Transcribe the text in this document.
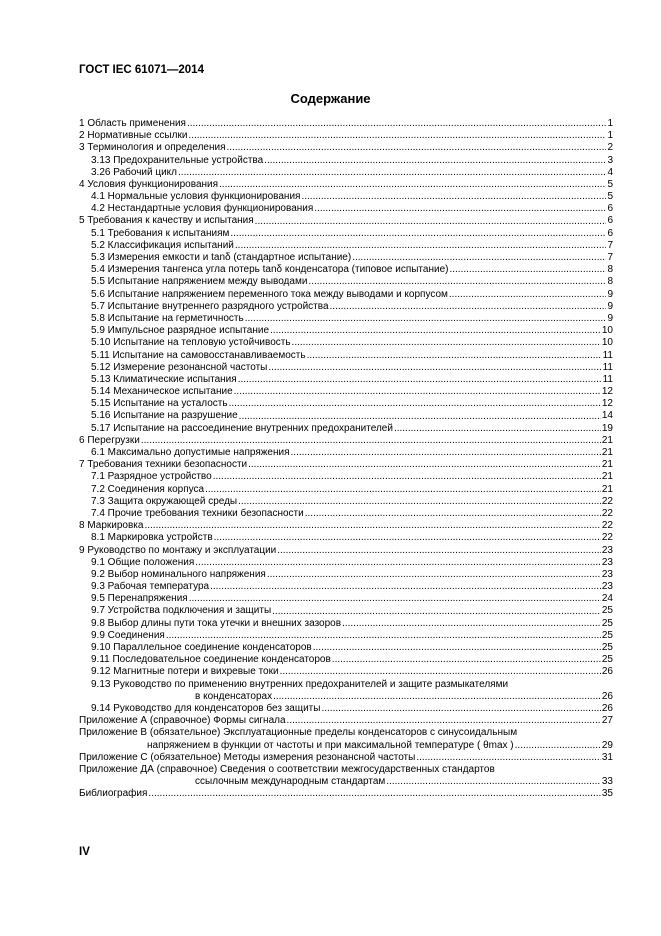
ГОСТ IEC 61071—2014
Содержание
1 Область применения .....	1
2 Нормативные ссылки .....	1
3 Терминология и определения .....	2
3.13 Предохранительные устройства .....	3
3.26 Рабочий цикл .....	4
4 Условия функционирования .....	5
4.1 Нормальные условия функционирования .....	5
4.2 Нестандартные условия функционирования .....	6
5 Требования к качеству и испытания .....	6
5.1 Требования к испытаниям .....	6
5.2 Классификация испытаний .....	7
5.3 Измерения емкости и tanδ (стандартное испытание) .....	7
5.4 Измерения тангенса угла потерь tanδ конденсатора (типовое испытание) .....	8
5.5 Испытание напряжением между выводами .....	8
5.6 Испытание напряжением переменного тока между выводами и корпусом .....	9
5.7 Испытание внутреннего разрядного устройства .....	9
5.8 Испытание на герметичность .....	9
5.9 Импульсное разрядное испытание .....	10
5.10 Испытание на тепловую устойчивость .....	10
5.11 Испытание на самовосстанавливаемость .....	11
5.12 Измерение резонансной частоты .....	11
5.13 Климатические испытания .....	11
5.14 Механическое испытание .....	12
5.15 Испытание на усталость .....	12
5.16 Испытание на разрушение .....	14
5.17 Испытание на рассоединение внутренних предохранителей .....	19
6 Перегрузки .....	21
6.1 Максимально допустимые напряжения .....	21
7 Требования техники безопасности .....	21
7.1 Разрядное устройство .....	21
7.2 Соединения корпуса .....	21
7.3 Защита окружающей среды .....	22
7.4 Прочие требования техники безопасности .....	22
8 Маркировка .....	22
8.1 Маркировка устройств .....	22
9 Руководство по монтажу и эксплуатации .....	23
9.1 Общие положения .....	23
9.2 Выбор номинального напряжения .....	23
9.3 Рабочая температура .....	23
9.5 Перенапряжения .....	24
9.7 Устройства подключения и защиты .....	25
9.8 Выбор длины пути тока утечки и внешних зазоров .....	25
9.9 Соединения .....	25
9.10 Параллельное соединение конденсаторов .....	25
9.11 Последовательное соединение конденсаторов .....	25
9.12 Магнитные потери и вихревые токи .....	26
9.13 Руководство по применению внутренних предохранителей и защите размыкателями
в конденсаторах .....	26
9.14 Руководство для конденсаторов без защиты .....	26
Приложение А (справочное) Формы сигнала .....	27
Приложение В (обязательное) Эксплуатационные пределы конденсаторов с синусоидальным
напряжением в функции от частоты и при максимальной температуре ( θmax ) .....	29
Приложение С (обязательное) Методы измерения резонансной частоты .....	31
Приложение ДА (справочное) Сведения о соответствии межгосударственных стандартов
ссылочным международным стандартам .....	33
Библиография .....	35
IV
